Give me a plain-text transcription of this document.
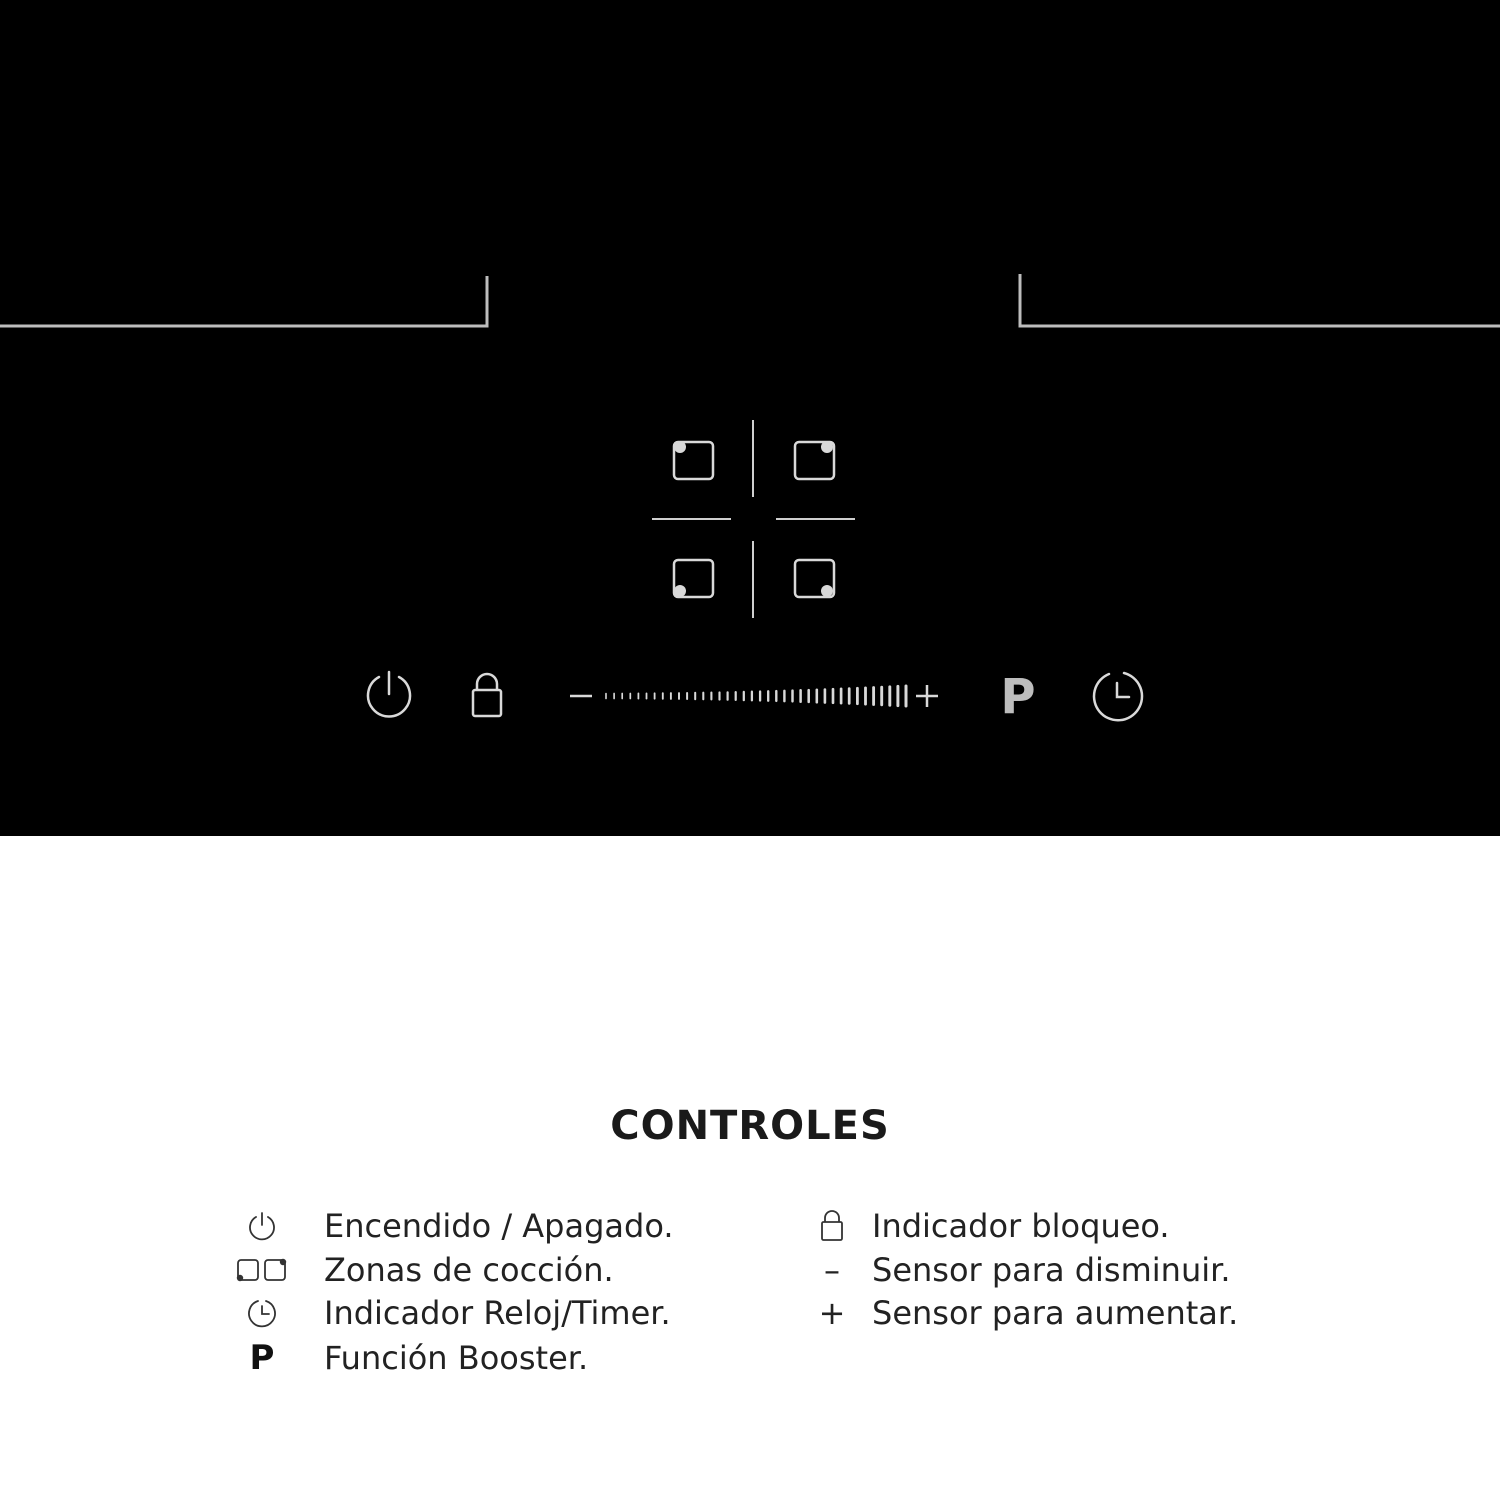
P
CONTROLES
Encendido / Apagado.
Zonas de cocción.
Indicador Reloj/Timer.
P Función Booster.
Indicador bloqueo.
– Sensor para disminuir.
+ Sensor para aumentar.
